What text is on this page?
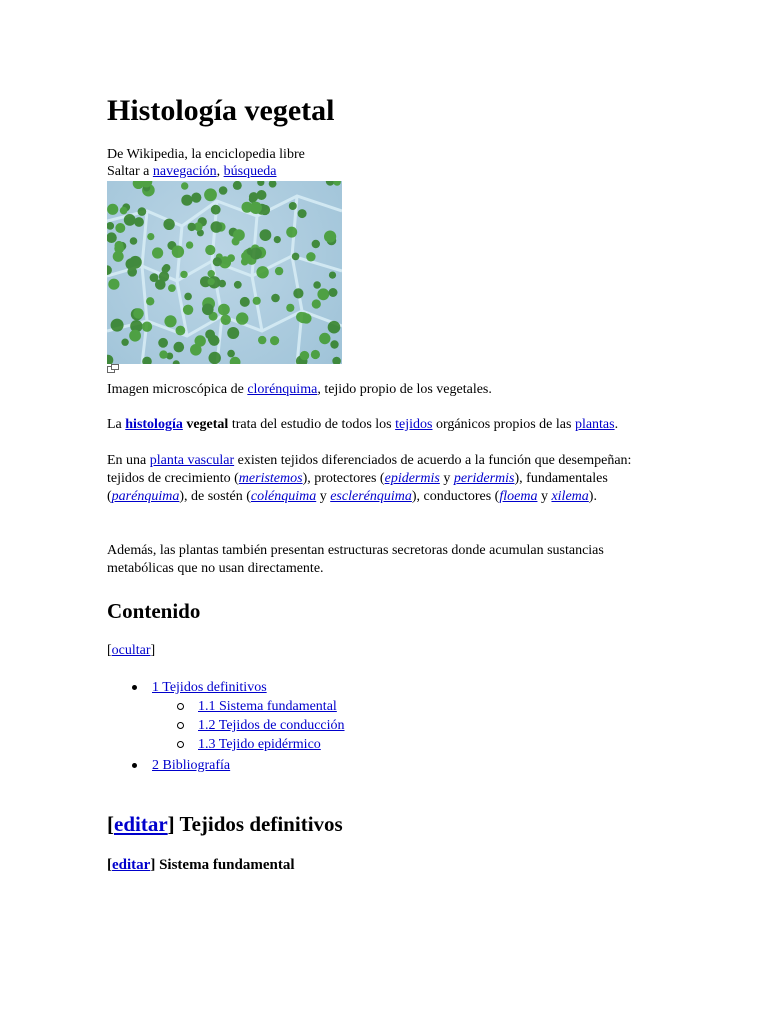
Histología vegetal

De Wikipedia, la enciclopedia libre

Saltar a navegación, búsqueda

Imagen microscópica de clorénquima, tejido propio de los vegetales.

La histología vegetal trata del estudio de todos los tejidos orgánicos propios de las plantas.

En una planta vascular existen tejidos diferenciados de acuerdo a la función que desempeñan: tejidos de crecimiento (meristemos), protectores (epidermis y peridermis), fundamentales (parénquima), de sostén (colénquima y esclerénquima), conductores (floema y xilema).

Además, las plantas también presentan estructuras secretoras donde acumulan sustancias metabólicas que no usan directamente.

Contenido

[ocultar]

1 Tejidos definitivos
1.1 Sistema fundamental
1.2 Tejidos de conducción
1.3 Tejido epidérmico
2 Bibliografía
[editar] Tejidos definitivos
[editar] Sistema fundamental
